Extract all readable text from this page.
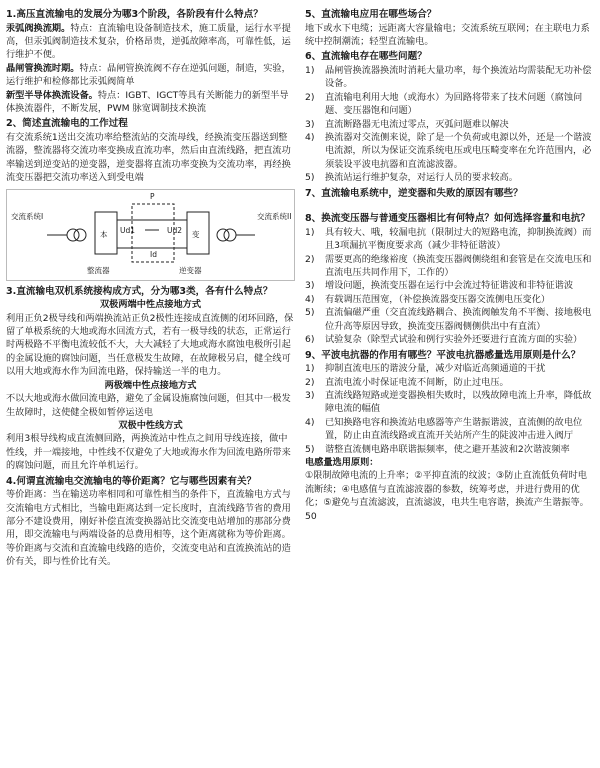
1.高压直流输电的发展分为哪3个阶段，各阶段有什么特点？

汞弧阀换流期。特点：直流输电设备制造技术，施工质量，运行水平提高，但汞弧阀制造技术复杂，价格昂贵，逆弧故障率高，可靠性低，运行维护不便。

晶闸管换流时期。特点：晶闸管换流阀不存在逆弧问题，制造，实验，运行维护和检修都比汞弧阀简单

新型半导体换流设备。特点：IGBT、IGCT等具有关断能力的新型半导体换流器件，不断发展，PWM 脉宽调制技术换流

2、简述直流输电的工作过程

有交流系统1送出交流功率给整流站的交流母线，经换流变压器送到整流器，整流器将交流功率变换成直流功率，然后由直流线路，把直流功率输送到逆变站的逆变器，逆变器将直流功率变换为交流功率，再经换流变压器把交流功率送入到受电端

交流系统I	交流系统II
本	变
Ud1	Ud2
Id
P
整流器	逆变器
3.直流输电双机系统接构成方式，分为哪3类，各有什么特点？
双极两端中性点接地方式

利用正负2极导线和两端换流站正负2极性连接成直流侧的闭环回路，保留了单极系统的大地或海水回流方式，若有一极导线的状态，正常运行时两极路不平衡电流较低不大，大大减轻了大地或海水腐蚀电极所引起的金属设施的腐蚀问题，当任意极发生故障，在故障极另启，健全线可以用大地或海水作为回流电路，保持输送一半的电力。

两极端中性点接地方式

不以大地或海水做回流电路，避免了金属设施腐蚀问题，但其中一极发生故障时，这使健全极如暂停运送电

双极中性线方式

利用3根导线构成直流侧回路，两换流站中性点之间用导线连接，做中性线，并一端接地，中性线不仅避免了大地或海水作为回流电路所带来的腐蚀问题，而且允许单机运行。

4.何谓直流输电交流输电的等价距离？它与哪些因素有关？

等价距离：当在输送功率相同和可靠性相当的条件下，直流输电方式与交流输电方式相比，当输电距离达到一定长度时，直流线路节省的费用部分不建设费用，刚好补偿直流变换器站比交流变电站增加的那部分费用，即交流输电与两端设备的总费用相等，这个距离就称为等价距离。

等价距离与交流和直流输电线路的造价，交流变电站和直流换流站的造价有关，即与性价比有关。

5、直流输电应用在哪些场合？

地下或水下电缆；远距离大容量输电；交流系统互联网；在主联电力系统中控制潮流；轻型直流输电。

6、直流输电存在哪些问题？
1)	晶闸管换流器换流时消耗大量功率，每个换流站均需装配无功补偿设备。
2)	直流输电利用大地（或海水）为回路将带来了技术问题（腐蚀问题、变压器饱和问题）
3)	直流断路器无电流过零点，灭弧问题难以解决
4)	换流器对交流侧来说，除了是一个负荷或电源以外，还是一个谐波电流源，所以为保证交流系统电压或电压畸变率在允许范围内，必须装设平波电抗器和直流滤波器。
5)	换流站运行维护复杂，对运行人员的要求较高。
7、直流输电系统中，逆变器和失败的原因有哪些？
8、换流变压器与普通变压器相比有何特点？如何选择容量和电抗？
1)	具有较大、哦，较漏电抗（限制过大的短路电流，抑制换流阀）而且3项漏抗平衡度要求高（减少非特征谐波）
2)	需要更高的绝缘裕度（换流变压器阀侧绕组和套管是在交流电压和直流电压共同作用下，工作的）
3)	增设问题，换流变压器在运行中会流过特征谐波和非特征谐波
4)	有载调压范围宽，（补偿换流器变压器交流侧电压变化）
5)	直流偏磁严重（交直流线路耦合、换流阀触发角不平衡、接地极电位升高等原因导致，换流变压器阀侧侧供出中有直流）
6)	试验复杂（除型式试验和例行实验外还要进行直流方面的实验）
9、平波电抗器的作用有哪些？平波电抗器感量选用原则是什么？
1)	抑制直流电压的谐波分量，减少对临近高频通道的干扰
2)	直流电流小时保证电流不间断，防止过电压。
3)	直流线路短路或逆变器换相失败时，以残故障电流上升率，降低故障电流的幅值
4)	已知换路电容和换流站电感器等产生谐振谐波，直流侧的故电位置，防止由直流线路或直流开关站所产生的陡波冲击进入阀厅
5)	谐整直流侧电路串联谐振频率，使之避开基波和2次谐波频率
电感量选用原则：

①限制故障电流的上升率；②平抑直流的纹波；③防止直流低负荷时电流断续；④电感值与直流滤波器的参数，统筹考虑，并进行费用的优化；⑤避免与直流滤波，直流滤波，电共生电容谐，换流产生谐振等。50
